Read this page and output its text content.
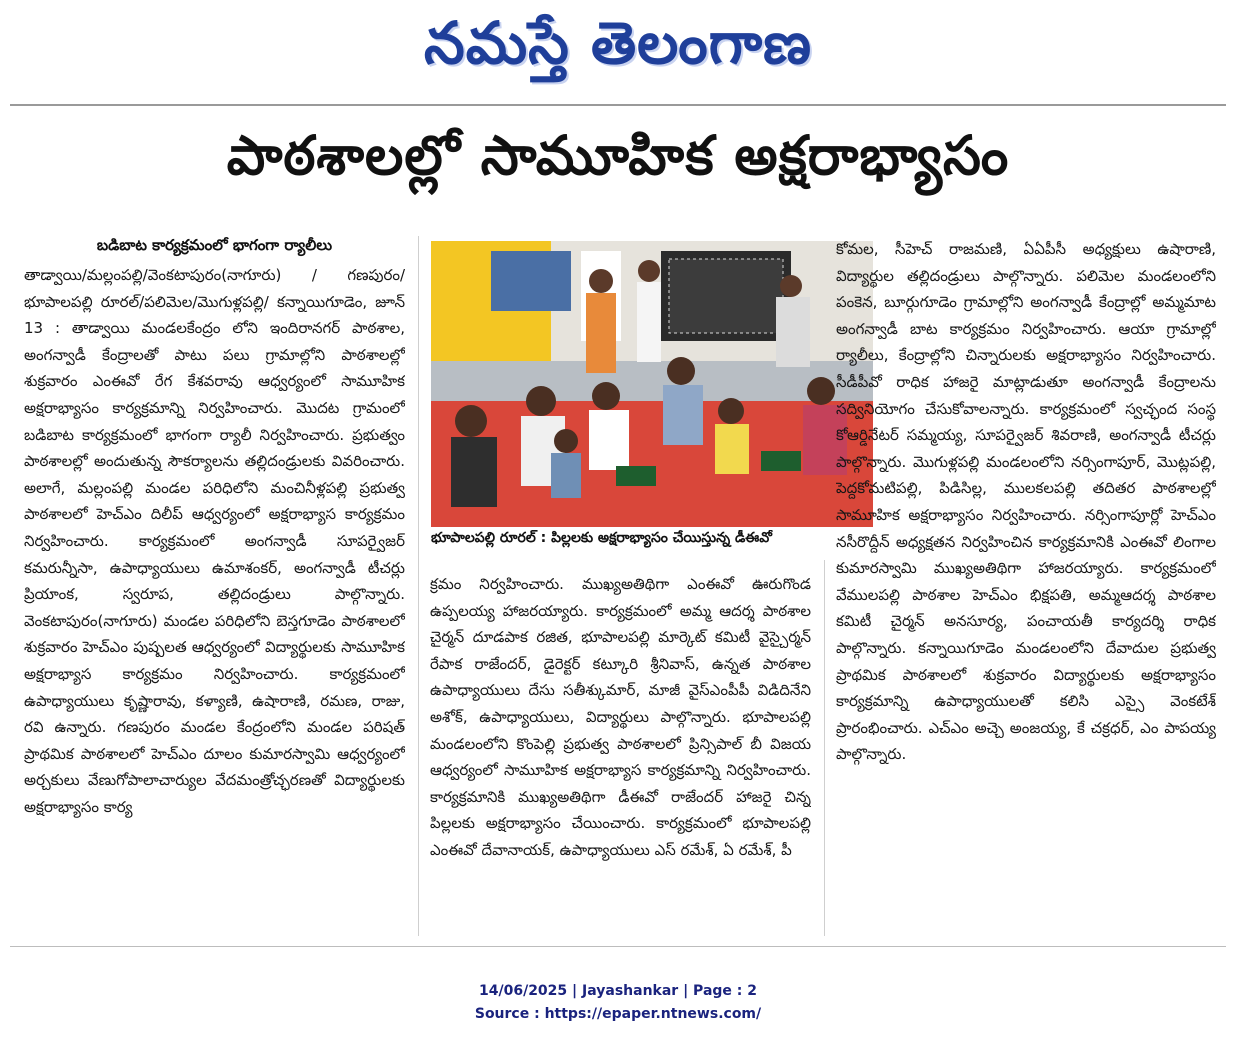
నమస్తే తెలంగాణ
పాఠశాలల్లో సామూహిక అక్షరాభ్యాసం
బడిబాట కార్యక్రమంలో భాగంగా ర్యాలీలు
తాడ్వాయి/మల్లంపల్లి/వెంకటాపురం(నాగూరు) / గణపురం/భూపాలపల్లి రూరల్/పలిమెల/మొగుళ్లపల్లి/ కన్నాయిగూడెం, జూన్ 13 : తాడ్వాయి మండలకేంద్రం లోని ఇందిరానగర్ పాఠశాల, అంగన్వాడీ కేంద్రాలతో పాటు పలు గ్రామాల్లోని పాఠశాలల్లో శుక్రవారం ఎంఈవో రేగ కేశవరావు ఆధ్వర్యంలో సామూహిక అక్షరాభ్యాసం కార్యక్రమాన్ని నిర్వహించారు. మొదట గ్రామంలో బడిబాట కార్యక్రమంలో భాగంగా ర్యాలీ నిర్వహించారు. ప్రభుత్వం పాఠశాలల్లో అందుతున్న సౌకర్యాలను తల్లిదండ్రులకు వివరించారు. అలాగే, మల్లంపల్లి మండల పరిధిలోని మంచినీళ్లపల్లి ప్రభుత్వ పాఠశాలలో హెచ్ఎం దిలీప్ ఆధ్వర్యంలో అక్షరాభ్యాస కార్యక్రమం నిర్వహించారు. కార్యక్రమంలో అంగన్వాడీ సూపర్వైజర్ కమరున్నీసా, ఉపాధ్యాయులు ఉమాశంకర్, అంగన్వాడీ టీచర్లు ప్రియాంక, స్వరూప, తల్లిదండ్రులు పాల్గొన్నారు. వెంకటాపురం(నాగూరు) మండల పరిధిలోని బెస్తగూడెం పాఠశాలలో శుక్రవారం హెచ్ఎం పుష్పలత ఆధ్వర్యంలో విద్యార్థులకు సామూహిక అక్షరాభ్యాస కార్యక్రమం నిర్వహించారు. కార్యక్రమంలో ఉపాధ్యాయులు కృష్ణారావు, కళ్యాణి, ఉషారాణి, రమణ, రాజు, రవి ఉన్నారు. గణపురం మండల కేంద్రంలోని మండల పరిషత్ ప్రాథమిక పాఠశాలలో హెచ్ఎం దూలం కుమారస్వామి ఆధ్వర్యంలో అర్చకులు వేణుగోపాలాచార్యుల వేదమంత్రోచ్ఛరణతో విద్యార్థులకు అక్షరాభ్యాసం కార్య
భూపాలపల్లి రూరల్ : పిల్లలకు అక్షరాభ్యాసం చేయిస్తున్న డీఈవో
క్రమం నిర్వహించారు. ముఖ్యఅతిథిగా ఎంఈవో ఊరుగొండ ఉప్పలయ్య హాజరయ్యారు. కార్యక్రమంలో అమ్మ ఆదర్శ పాఠశాల చైర్మన్ దూడపాక రజిత, భూపాలపల్లి మార్కెట్ కమిటీ వైస్చైర్మన్ రేపాక రాజేందర్, డైరెక్టర్ కట్కూరి శ్రీనివాస్, ఉన్నత పాఠశాల ఉపాధ్యాయులు దేసు సతీశ్కుమార్, మాజీ వైస్ఎంపీపీ విడిదినేని అశోక్, ఉపాధ్యాయులు, విద్యార్థులు పాల్గొన్నారు. భూపాలపల్లి మండలంలోని కొంపెల్లి ప్రభుత్వ పాఠశాలలో ప్రిన్సిపాల్ బీ విజయ ఆధ్వర్యంలో సామూహిక అక్షరాభ్యాస కార్యక్రమాన్ని నిర్వహించారు. కార్యక్రమానికి ముఖ్యఅతిథిగా డీఈవో రాజేందర్ హాజరై చిన్న పిల్లలకు అక్షరాభ్యాసం చేయించారు. కార్యక్రమంలో భూపాలపల్లి ఎంఈవో దేవానాయక్, ఉపాధ్యాయులు ఎస్ రమేశ్, ఏ రమేశ్, పీ
కోమల, సీహెచ్ రాజమణి, ఏఏపీసీ అధ్యక్షులు ఉషారాణి, విద్యార్థుల తల్లిదండ్రులు పాల్గొన్నారు. పలిమెల మండలంలోని పంకెన, బూర్గుగూడెం గ్రామాల్లోని అంగన్వాడీ కేంద్రాల్లో అమ్మమాట అంగన్వాడీ బాట కార్యక్రమం నిర్వహించారు. ఆయా గ్రామాల్లో ర్యాలీలు, కేంద్రాల్లోని చిన్నారులకు అక్షరాభ్యాసం నిర్వహించారు. సీడీపీవో రాధిక హాజరై మాట్లాడుతూ అంగన్వాడీ కేంద్రాలను సద్వినియోగం చేసుకోవాలన్నారు. కార్యక్రమంలో స్వచ్ఛంద సంస్థ కోఆర్డినేటర్ సమ్మయ్య, సూపర్వైజర్ శివరాణి, అంగన్వాడీ టీచర్లు పాల్గొన్నారు. మొగుళ్లపల్లి మండలంలోని నర్సింగాపూర్, మొట్లపల్లి, పెద్దకోమటిపల్లి, పిడిసిల్ల, ములకలపల్లి తదితర పాఠశాలల్లో సామూహిక అక్షరాభ్యాసం నిర్వహించారు. నర్సింగాపూర్లో హెచ్ఎం నసీరొద్దీన్ అధ్యక్షతన నిర్వహించిన కార్యక్రమానికి ఎంఈవో లింగాల కుమారస్వామి ముఖ్యఅతిథిగా హాజరయ్యారు. కార్యక్రమంలో వేములపల్లి పాఠశాల హెచ్ఎం భిక్షపతి, అమ్మఆదర్శ పాఠశాల కమిటీ చైర్మన్ అనసూర్య, పంచాయతీ కార్యదర్శి రాధిక పాల్గొన్నారు. కన్నాయిగూడెం మండలంలోని దేవాదుల ప్రభుత్వ ప్రాథమిక పాఠశాలలో శుక్రవారం విద్యార్థులకు అక్షరాభ్యాసం కార్యక్రమాన్ని ఉపాధ్యాయులతో కలిసి ఎస్సై వెంకటేశ్ ప్రారంభించారు. ఎచ్ఎం అచ్చె అంజయ్య, కే చక్రధర్, ఎం పాపయ్య పాల్గొన్నారు.
14/06/2025 | Jayashankar | Page : 2
Source : https://epaper.ntnews.com/
